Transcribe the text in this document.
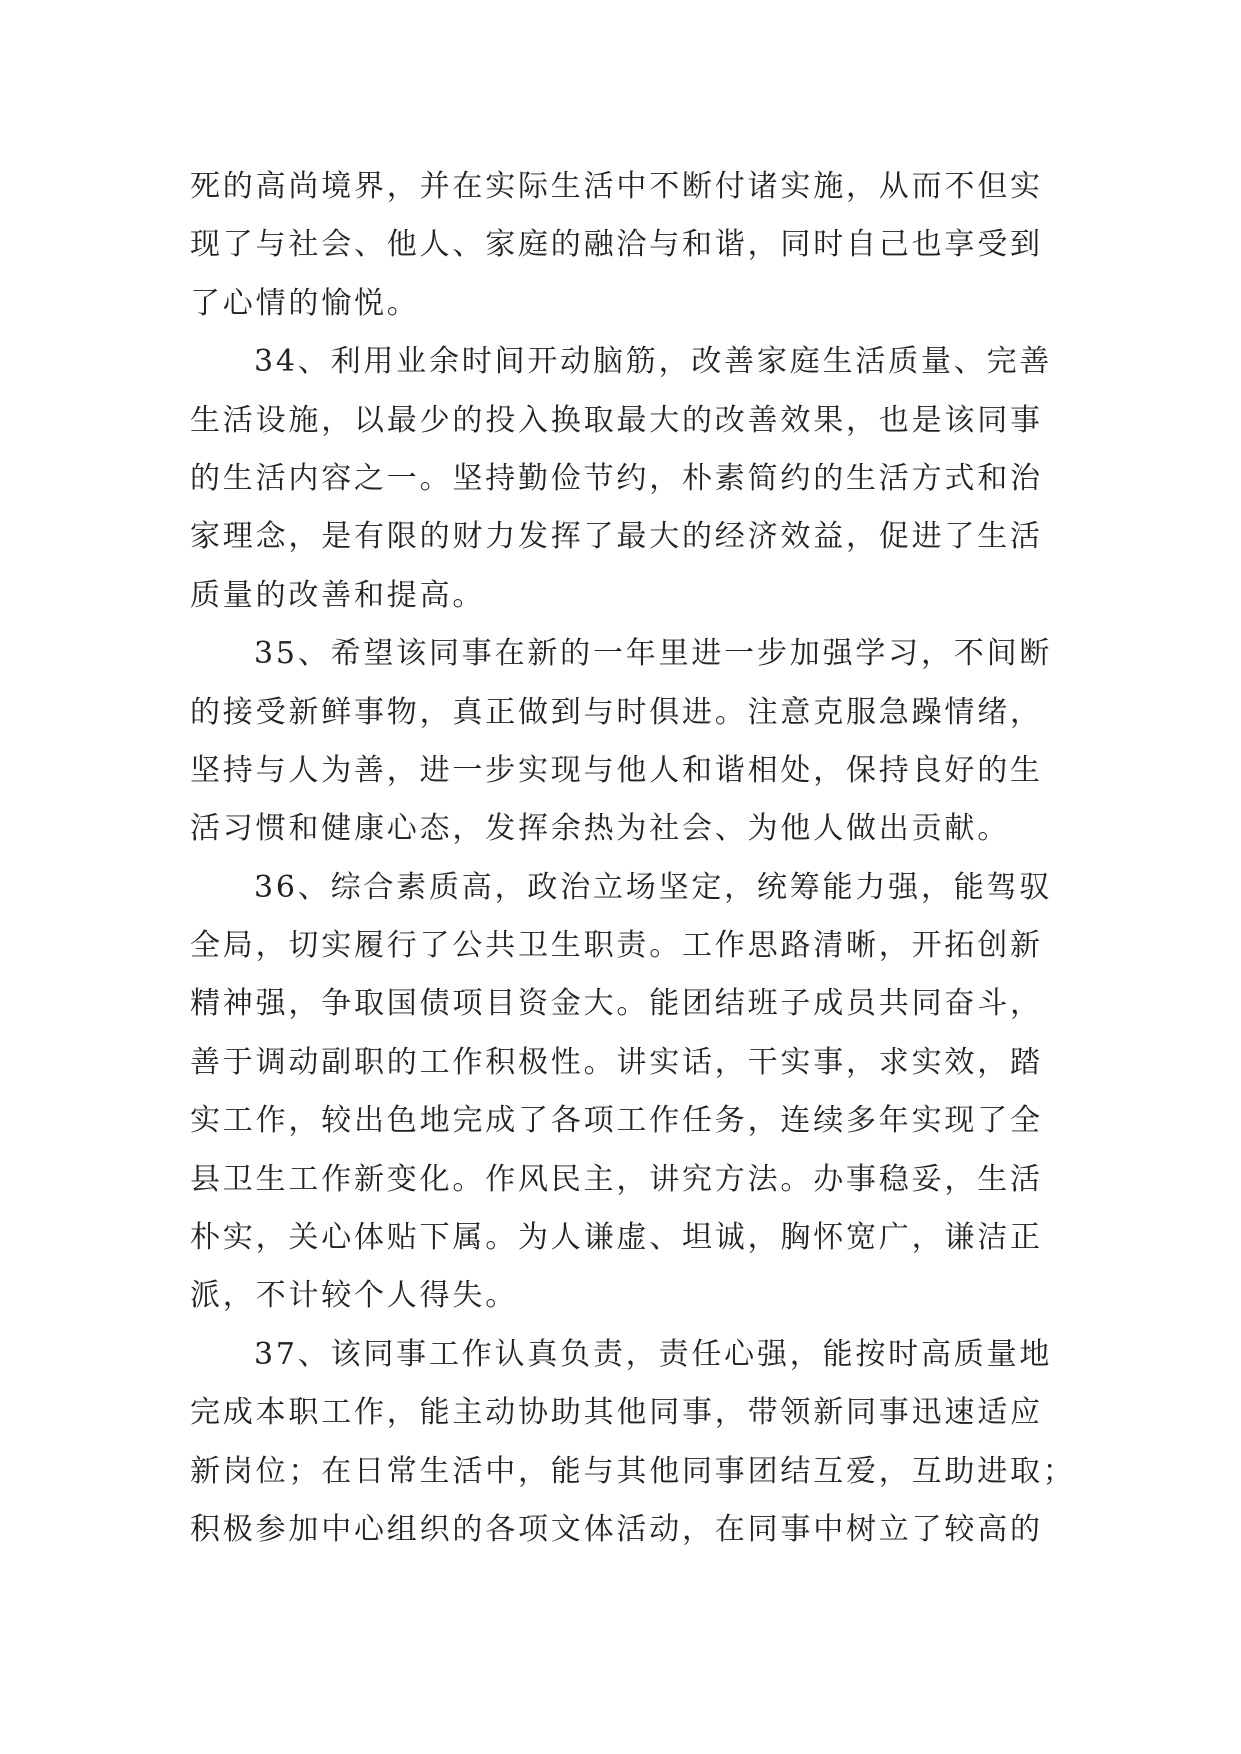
死的高尚境界，并在实际生活中不断付诸实施，从而不但实
现了与社会、他人、家庭的融洽与和谐，同时自己也享受到
了心情的愉悦。
34、利用业余时间开动脑筋，改善家庭生活质量、完善
生活设施，以最少的投入换取最大的改善效果，也是该同事
的生活内容之一。坚持勤俭节约，朴素简约的生活方式和治
家理念，是有限的财力发挥了最大的经济效益，促进了生活
质量的改善和提高。
35、希望该同事在新的一年里进一步加强学习，不间断
的接受新鲜事物，真正做到与时俱进。注意克服急躁情绪，
坚持与人为善，进一步实现与他人和谐相处，保持良好的生
活习惯和健康心态，发挥余热为社会、为他人做出贡献。
36、综合素质高，政治立场坚定，统筹能力强，能驾驭
全局，切实履行了公共卫生职责。工作思路清晰，开拓创新
精神强，争取国债项目资金大。能团结班子成员共同奋斗，
善于调动副职的工作积极性。讲实话，干实事，求实效，踏
实工作，较出色地完成了各项工作任务，连续多年实现了全
县卫生工作新变化。作风民主，讲究方法。办事稳妥，生活
朴实，关心体贴下属。为人谦虚、坦诚，胸怀宽广，谦洁正
派，不计较个人得失。
37、该同事工作认真负责，责任心强，能按时高质量地
完成本职工作，能主动协助其他同事，带领新同事迅速适应
新岗位；在日常生活中，能与其他同事团结互爱，互助进取；
积极参加中心组织的各项文体活动，在同事中树立了较高的
